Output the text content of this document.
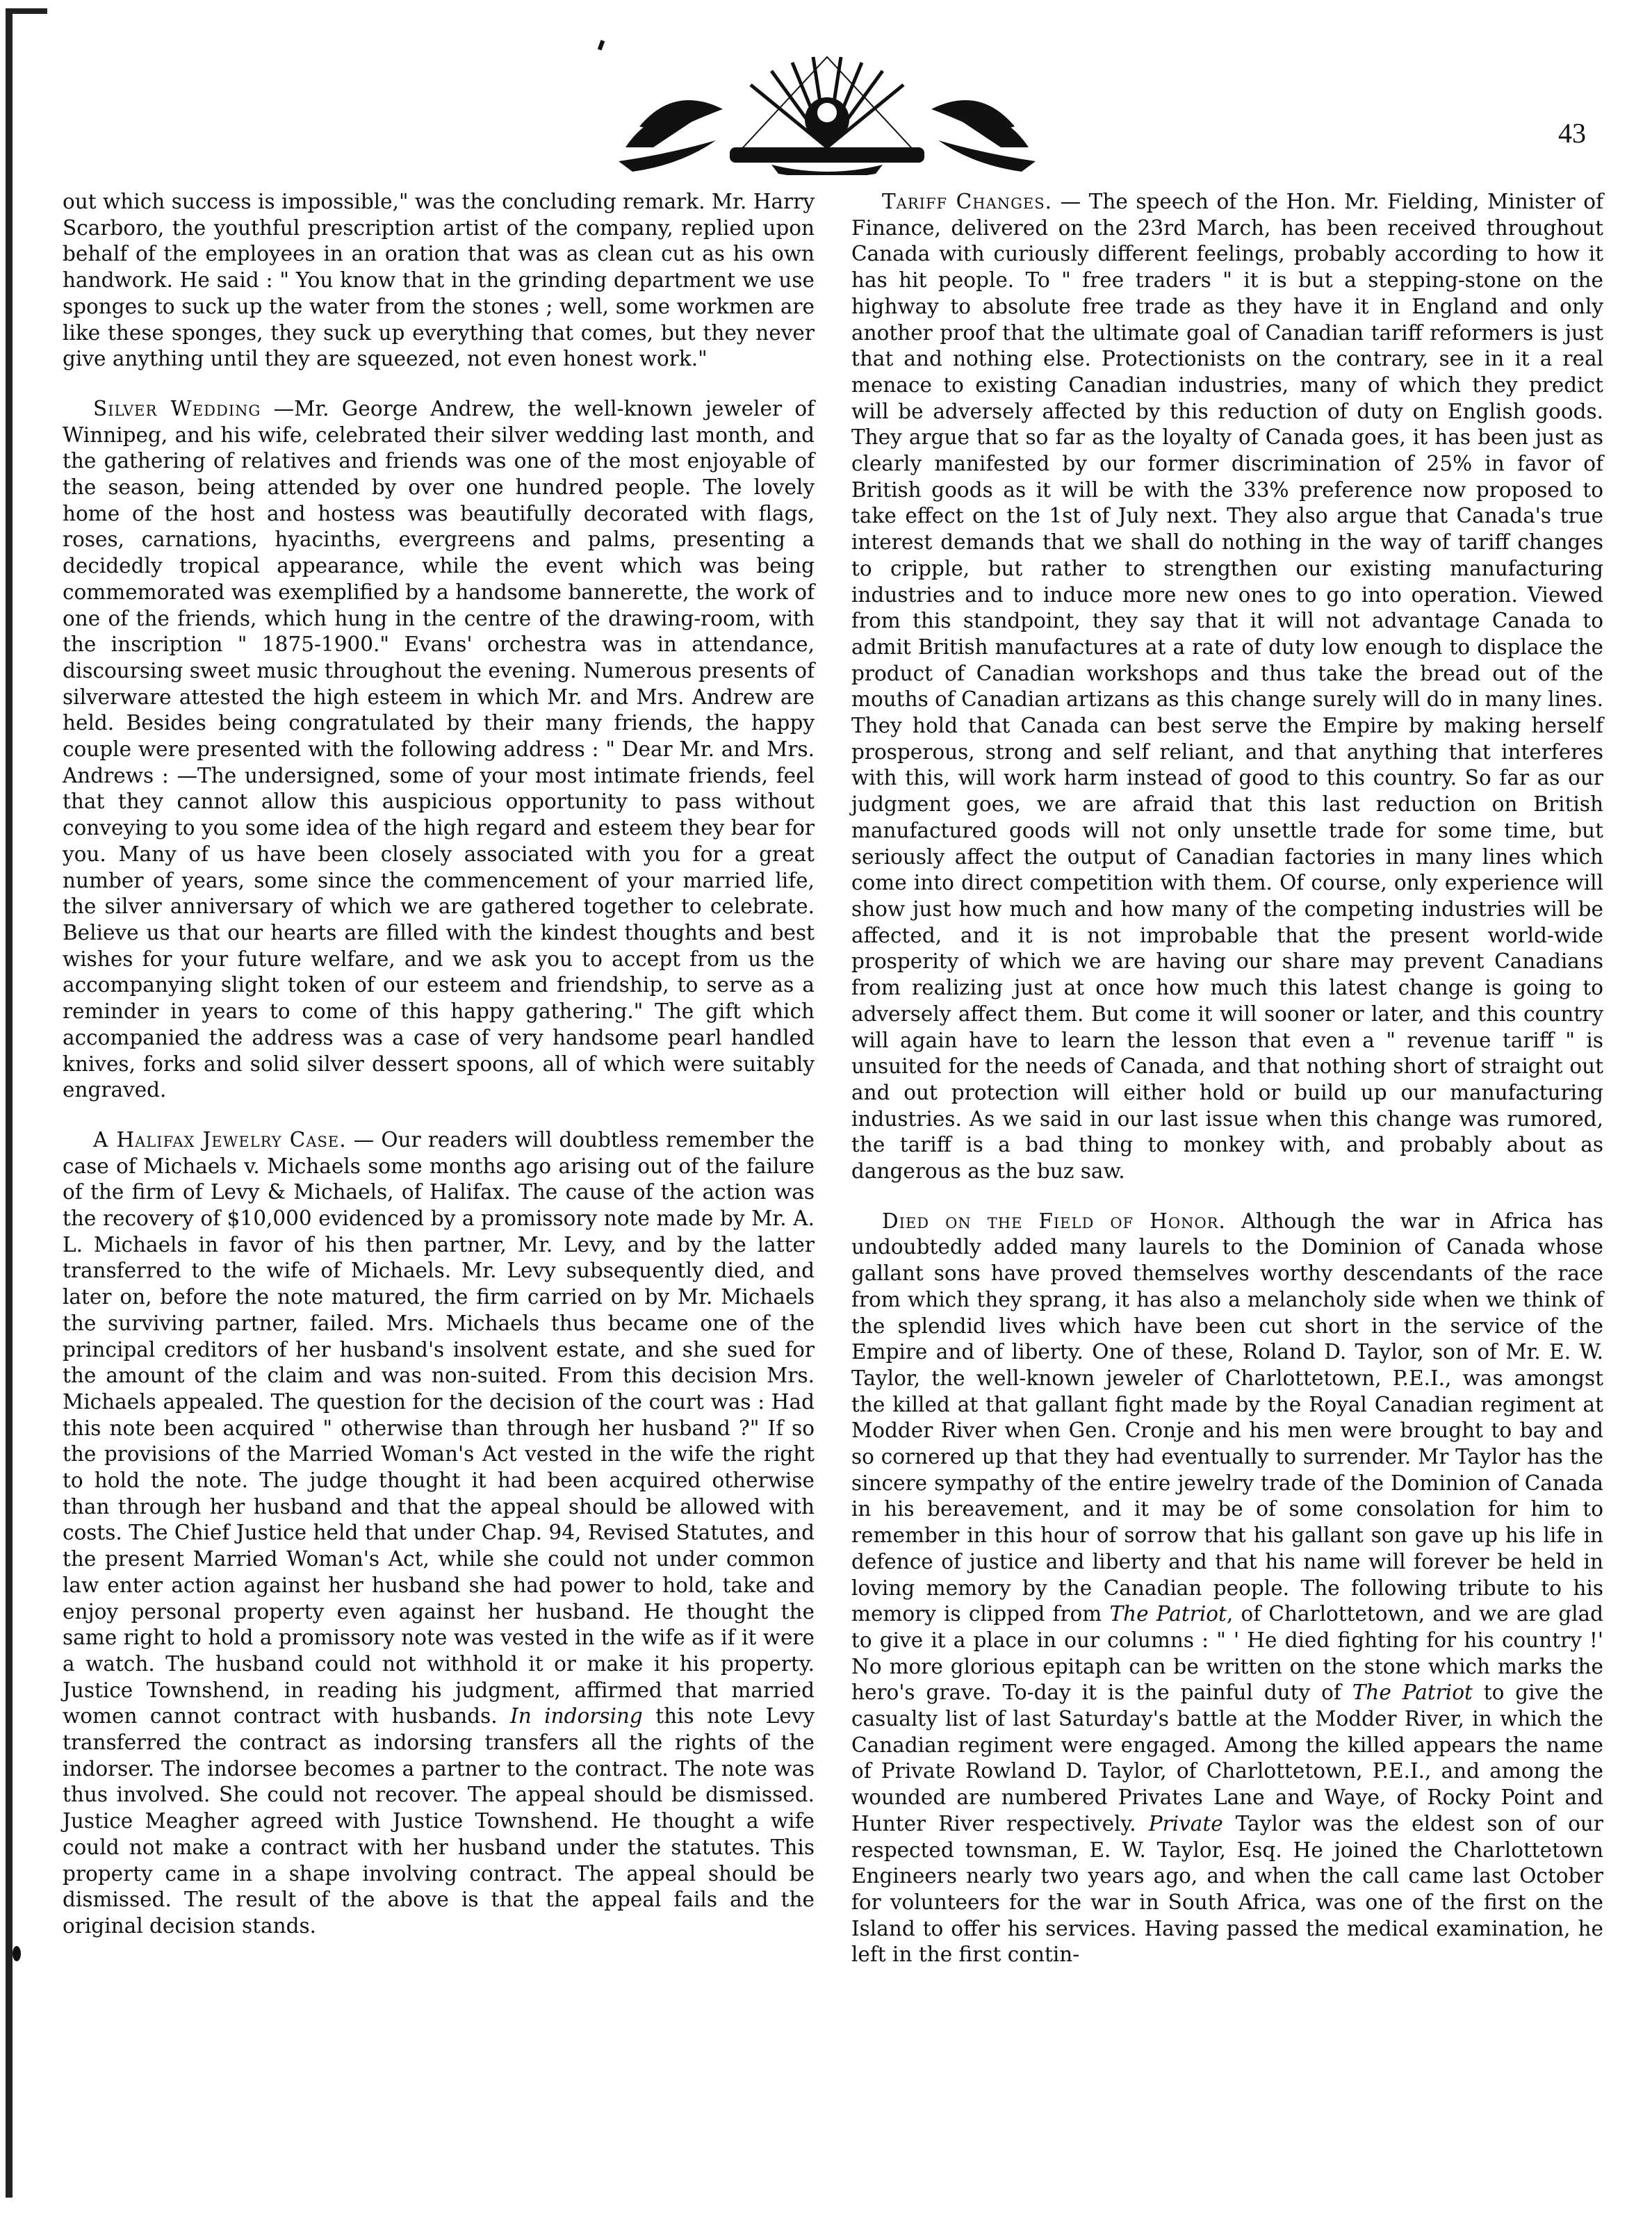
43

out which success is impossible," was the concluding remark. Mr. Harry Scarboro, the youthful prescription artist of the company, replied upon behalf of the employees in an oration that was as clean cut as his own handwork. He said : " You know that in the grinding department we use sponges to suck up the water from the stones ; well, some workmen are like these sponges, they suck up everything that comes, but they never give anything until they are squeezed, not even honest work."

Silver Wedding —Mr. George Andrew, the well-known jeweler of Winnipeg, and his wife, celebrated their silver wedding last month, and the gathering of relatives and friends was one of the most enjoyable of the season, being attended by over one hundred people. The lovely home of the host and hostess was beautifully decorated with flags, roses, carnations, hyacinths, evergreens and palms, presenting a decidedly tropical appearance, while the event which was being commemorated was exemplified by a handsome bannerette, the work of one of the friends, which hung in the centre of the drawing-room, with the inscription " 1875-1900." Evans' orchestra was in attendance, discoursing sweet music throughout the evening. Numerous presents of silverware attested the high esteem in which Mr. and Mrs. Andrew are held. Besides being congratulated by their many friends, the happy couple were presented with the following address : " Dear Mr. and Mrs. Andrews : —The undersigned, some of your most intimate friends, feel that they cannot allow this auspicious opportunity to pass without conveying to you some idea of the high regard and esteem they bear for you. Many of us have been closely associated with you for a great number of years, some since the commencement of your married life, the silver anniversary of which we are gathered together to celebrate. Believe us that our hearts are filled with the kindest thoughts and best wishes for your future welfare, and we ask you to accept from us the accompanying slight token of our esteem and friendship, to serve as a reminder in years to come of this happy gathering." The gift which accompanied the address was a case of very handsome pearl handled knives, forks and solid silver dessert spoons, all of which were suitably engraved.

A Halifax Jewelry Case. — Our readers will doubtless remember the case of Michaels v. Michaels some months ago arising out of the failure of the firm of Levy & Michaels, of Halifax. The cause of the action was the recovery of $10,000 evidenced by a promissory note made by Mr. A. L. Michaels in favor of his then partner, Mr. Levy, and by the latter transferred to the wife of Michaels. Mr. Levy subsequently died, and later on, before the note matured, the firm carried on by Mr. Michaels the surviving partner, failed. Mrs. Michaels thus became one of the principal creditors of her husband's insolvent estate, and she sued for the amount of the claim and was non-suited. From this decision Mrs. Michaels appealed. The question for the decision of the court was : Had this note been acquired " otherwise than through her husband ?" If so the provisions of the Married Woman's Act vested in the wife the right to hold the note. The judge thought it had been acquired otherwise than through her husband and that the appeal should be allowed with costs. The Chief Justice held that under Chap. 94, Revised Statutes, and the present Married Woman's Act, while she could not under common law enter action against her husband she had power to hold, take and enjoy personal property even against her husband. He thought the same right to hold a promissory note was vested in the wife as if it were a watch. The husband could not withhold it or make it his property. Justice Townshend, in reading his judgment, affirmed that married women cannot contract with husbands. In indorsing this note Levy transferred the contract as indorsing transfers all the rights of the indorser. The indorsee becomes a partner to the contract. The note was thus involved. She could not recover. The appeal should be dismissed. Justice Meagher agreed with Justice Townshend. He thought a wife could not make a contract with her husband under the statutes. This property came in a shape involving contract. The appeal should be dismissed. The result of the above is that the appeal fails and the original decision stands.

Tariff Changes. — The speech of the Hon. Mr. Fielding, Minister of Finance, delivered on the 23rd March, has been received throughout Canada with curiously different feelings, probably according to how it has hit people. To " free traders " it is but a stepping-stone on the highway to absolute free trade as they have it in England and only another proof that the ultimate goal of Canadian tariff reformers is just that and nothing else. Protectionists on the contrary, see in it a real menace to existing Canadian industries, many of which they predict will be adversely affected by this reduction of duty on English goods. They argue that so far as the loyalty of Canada goes, it has been just as clearly manifested by our former discrimination of 25% in favor of British goods as it will be with the 33% preference now proposed to take effect on the 1st of July next. They also argue that Canada's true interest demands that we shall do nothing in the way of tariff changes to cripple, but rather to strengthen our existing manufacturing industries and to induce more new ones to go into operation. Viewed from this standpoint, they say that it will not advantage Canada to admit British manufactures at a rate of duty low enough to displace the product of Canadian workshops and thus take the bread out of the mouths of Canadian artizans as this change surely will do in many lines. They hold that Canada can best serve the Empire by making herself prosperous, strong and self reliant, and that anything that interferes with this, will work harm instead of good to this country. So far as our judgment goes, we are afraid that this last reduction on British manufactured goods will not only unsettle trade for some time, but seriously affect the output of Canadian factories in many lines which come into direct competition with them. Of course, only experience will show just how much and how many of the competing industries will be affected, and it is not improbable that the present world-wide prosperity of which we are having our share may prevent Canadians from realizing just at once how much this latest change is going to adversely affect them. But come it will sooner or later, and this country will again have to learn the lesson that even a " revenue tariff " is unsuited for the needs of Canada, and that nothing short of straight out and out protection will either hold or build up our manufacturing industries. As we said in our last issue when this change was rumored, the tariff is a bad thing to monkey with, and probably about as dangerous as the buz saw.

Died on the Field of Honor. Although the war in Africa has undoubtedly added many laurels to the Dominion of Canada whose gallant sons have proved themselves worthy descendants of the race from which they sprang, it has also a melancholy side when we think of the splendid lives which have been cut short in the service of the Empire and of liberty. One of these, Roland D. Taylor, son of Mr. E. W. Taylor, the well-known jeweler of Charlottetown, P.E.I., was amongst the killed at that gallant fight made by the Royal Canadian regiment at Modder River when Gen. Cronje and his men were brought to bay and so cornered up that they had eventually to surrender. Mr Taylor has the sincere sympathy of the entire jewelry trade of the Dominion of Canada in his bereavement, and it may be of some consolation for him to remember in this hour of sorrow that his gallant son gave up his life in defence of justice and liberty and that his name will forever be held in loving memory by the Canadian people. The following tribute to his memory is clipped from The Patriot, of Charlottetown, and we are glad to give it a place in our columns : " ' He died fighting for his country !' No more glorious epitaph can be written on the stone which marks the hero's grave. To-day it is the painful duty of The Patriot to give the casualty list of last Saturday's battle at the Modder River, in which the Canadian regiment were engaged. Among the killed appears the name of Private Rowland D. Taylor, of Charlottetown, P.E.I., and among the wounded are numbered Privates Lane and Waye, of Rocky Point and Hunter River respectively. Private Taylor was the eldest son of our respected townsman, E. W. Taylor, Esq. He joined the Charlottetown Engineers nearly two years ago, and when the call came last October for volunteers for the war in South Africa, was one of the first on the Island to offer his services. Having passed the medical examination, he left in the first contin-
